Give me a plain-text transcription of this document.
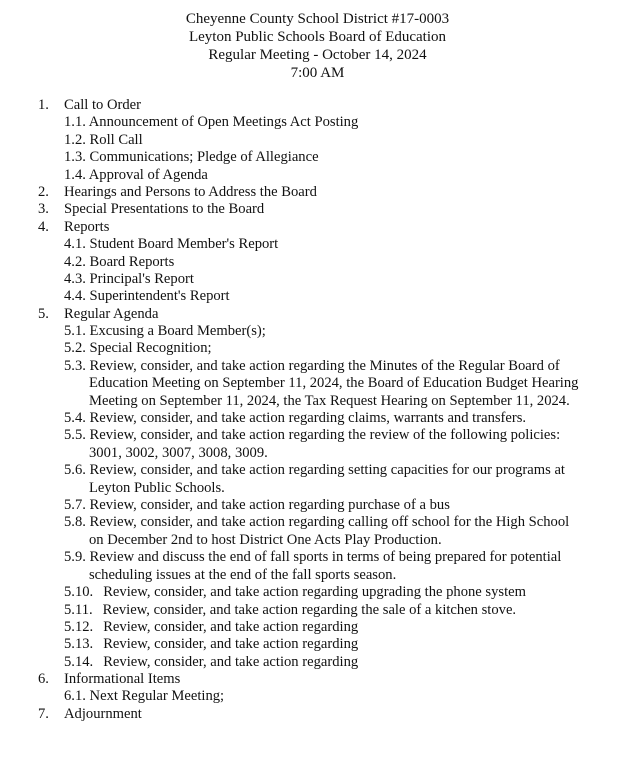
Cheyenne County School District #17-0003
Leyton Public Schools Board of Education
Regular Meeting - October 14, 2024
7:00 AM
1. Call to Order
1.1. Announcement of Open Meetings Act Posting
1.2. Roll Call
1.3. Communications; Pledge of Allegiance
1.4. Approval of Agenda
2. Hearings and Persons to Address the Board
3. Special Presentations to the Board
4. Reports
4.1. Student Board Member's Report
4.2. Board Reports
4.3. Principal's Report
4.4. Superintendent's Report
5. Regular Agenda
5.1. Excusing a Board Member(s);
5.2. Special Recognition;
5.3. Review, consider, and take action regarding the Minutes of the Regular Board of
Education Meeting on September 11, 2024, the Board of Education Budget Hearing
Meeting on September 11, 2024, the Tax Request Hearing on September 11, 2024.
5.4. Review, consider, and take action regarding claims, warrants and transfers.
5.5. Review, consider, and take action regarding the review of the following policies:
3001, 3002, 3007, 3008, 3009.
5.6. Review, consider, and take action regarding setting capacities for our programs at
Leyton Public Schools.
5.7. Review, consider, and take action regarding purchase of a bus
5.8. Review, consider, and take action regarding calling off school for the High School
on December 2nd to host District One Acts Play Production.
5.9. Review and discuss the end of fall sports in terms of being prepared for potential
scheduling issues at the end of the fall sports season.
5.10. Review, consider, and take action regarding upgrading the phone system
5.11. Review, consider, and take action regarding the sale of a kitchen stove.
5.12. Review, consider, and take action regarding
5.13. Review, consider, and take action regarding
5.14. Review, consider, and take action regarding
6. Informational Items
6.1. Next Regular Meeting;
7. Adjournment
